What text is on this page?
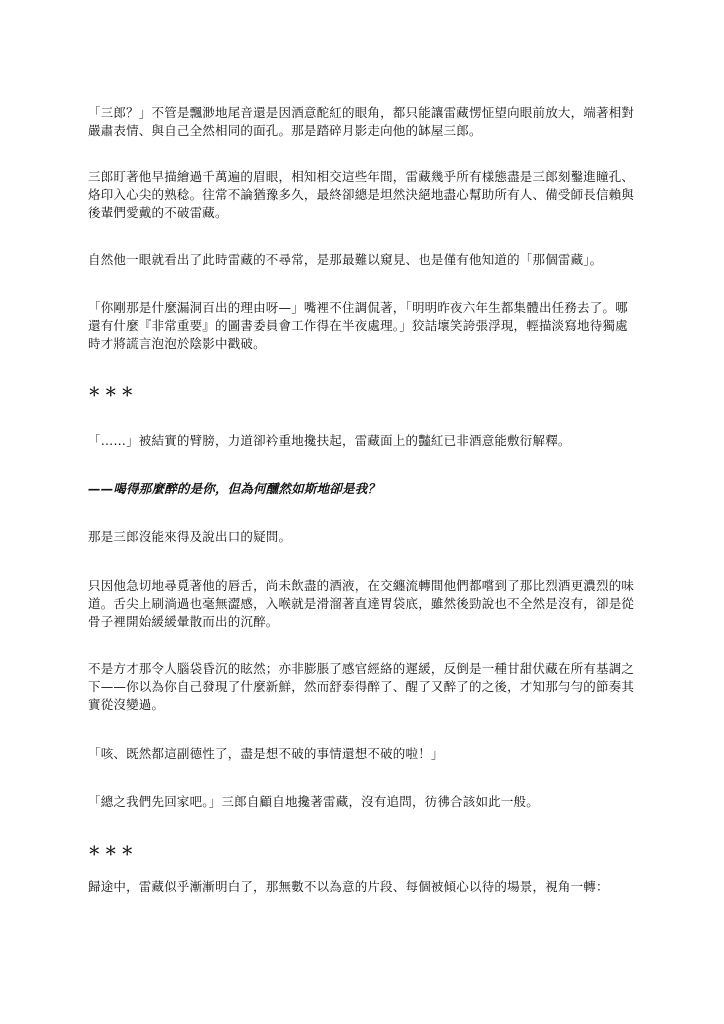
「三郎？」不管是飄渺地尾音還是因酒意酡紅的眼角，都只能讓雷藏愣怔望向眼前放大，端著相對嚴肅表情、與自己全然相同的面孔。那是踏碎月影走向他的缽屋三郎。

三郎盯著他早描繪過千萬遍的眉眼，相知相交這些年間，雷藏幾乎所有樣態盡是三郎刻鑿進瞳孔、烙印入心尖的熟稔。往常不論猶豫多久，最終卻總是坦然決絕地盡心幫助所有人、備受師長信賴與後輩們愛戴的不破雷藏。

自然他一眼就看出了此時雷藏的不尋常，是那最難以窺見、也是僅有他知道的「那個雷藏」。

「你剛那是什麼漏洞百出的理由呀—」嘴裡不住調侃著，「明明昨夜六年生都集體出任務去了。哪還有什麼『非常重要』的圖書委員會工作得在半夜處理。」狡詰壞笑誇張浮現，輕描淡寫地待獨處時才將謊言泡泡於陰影中戳破。

＊＊＊

「……」被結實的臂膀，力道卻衿重地攙扶起，雷藏面上的豔紅已非酒意能敷衍解釋。

——喝得那麼醉的是你，但為何醺然如斯地卻是我？

那是三郎沒能來得及說出口的疑問。

只因他急切地尋覓著他的唇舌，尚未飲盡的酒液，在交纏流轉間他們都嚐到了那比烈酒更濃烈的味道。舌尖上刷淌過也毫無澀感，入喉就是滑溜著直達胃袋底，雖然後勁說也不全然是沒有，卻是從骨子裡開始緩緩暈散而出的沉醉。

不是方才那令人腦袋昏沉的眩然；亦非膨脹了感官經絡的遲緩，反倒是一種甘甜伏藏在所有基調之下——你以為你自己發現了什麼新鮮，然而舒泰得醉了、醒了又醉了的之後，才知那勻勻的節奏其實從沒變過。

「咳、既然都這副德性了，盡是想不破的事情還想不破的啦！」

「總之我們先回家吧。」三郎自顧自地攙著雷藏，沒有追問，彷彿合該如此一般。

＊＊＊

歸途中，雷藏似乎漸漸明白了，那無數不以為意的片段、每個被傾心以待的場景，視角一轉：
